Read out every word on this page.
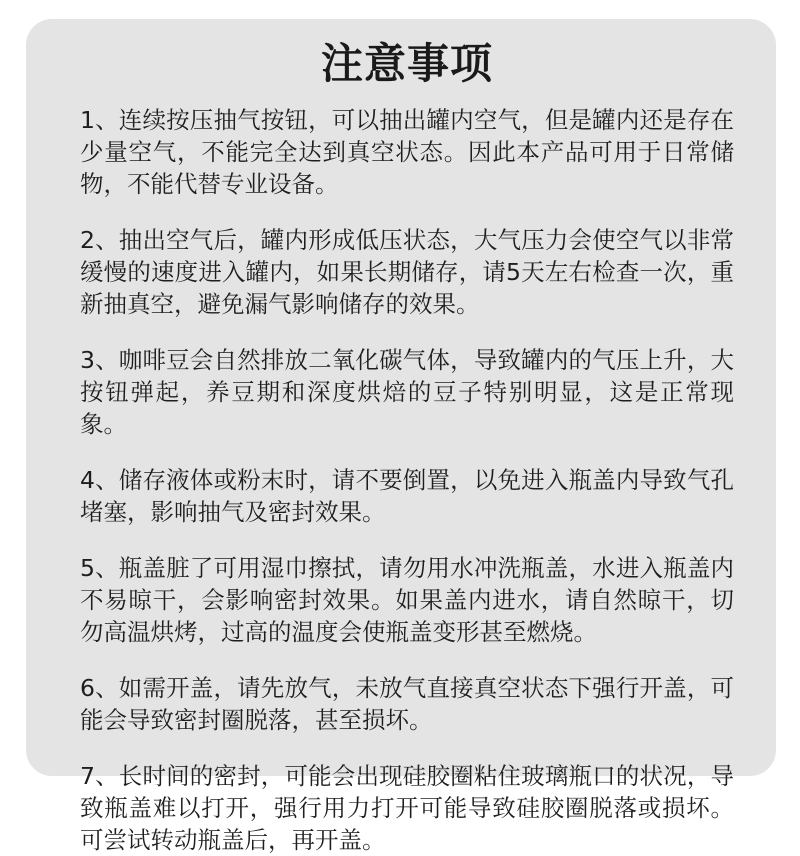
注意事项

1、连续按压抽气按钮，可以抽出罐内空气，但是罐内还是存在少量空气，不能完全达到真空状态。因此本产品可用于日常储物，不能代替专业设备。

2、抽出空气后，罐内形成低压状态，大气压力会使空气以非常缓慢的速度进入罐内，如果长期储存，请5天左右检查一次，重新抽真空，避免漏气影响储存的效果。

3、咖啡豆会自然排放二氧化碳气体，导致罐内的气压上升，大按钮弹起，养豆期和深度烘焙的豆子特别明显，这是正常现象。

4、储存液体或粉末时，请不要倒置，以免进入瓶盖内导致气孔堵塞，影响抽气及密封效果。

5、瓶盖脏了可用湿巾擦拭，请勿用水冲洗瓶盖，水进入瓶盖内不易晾干，会影响密封效果。如果盖内进水，请自然晾干，切勿高温烘烤，过高的温度会使瓶盖变形甚至燃烧。

6、如需开盖，请先放气，未放气直接真空状态下强行开盖，可能会导致密封圈脱落，甚至损坏。

7、长时间的密封，可能会出现硅胶圈粘住玻璃瓶口的状况，导致瓶盖难以打开，强行用力打开可能导致硅胶圈脱落或损坏。可尝试转动瓶盖后，再开盖。
